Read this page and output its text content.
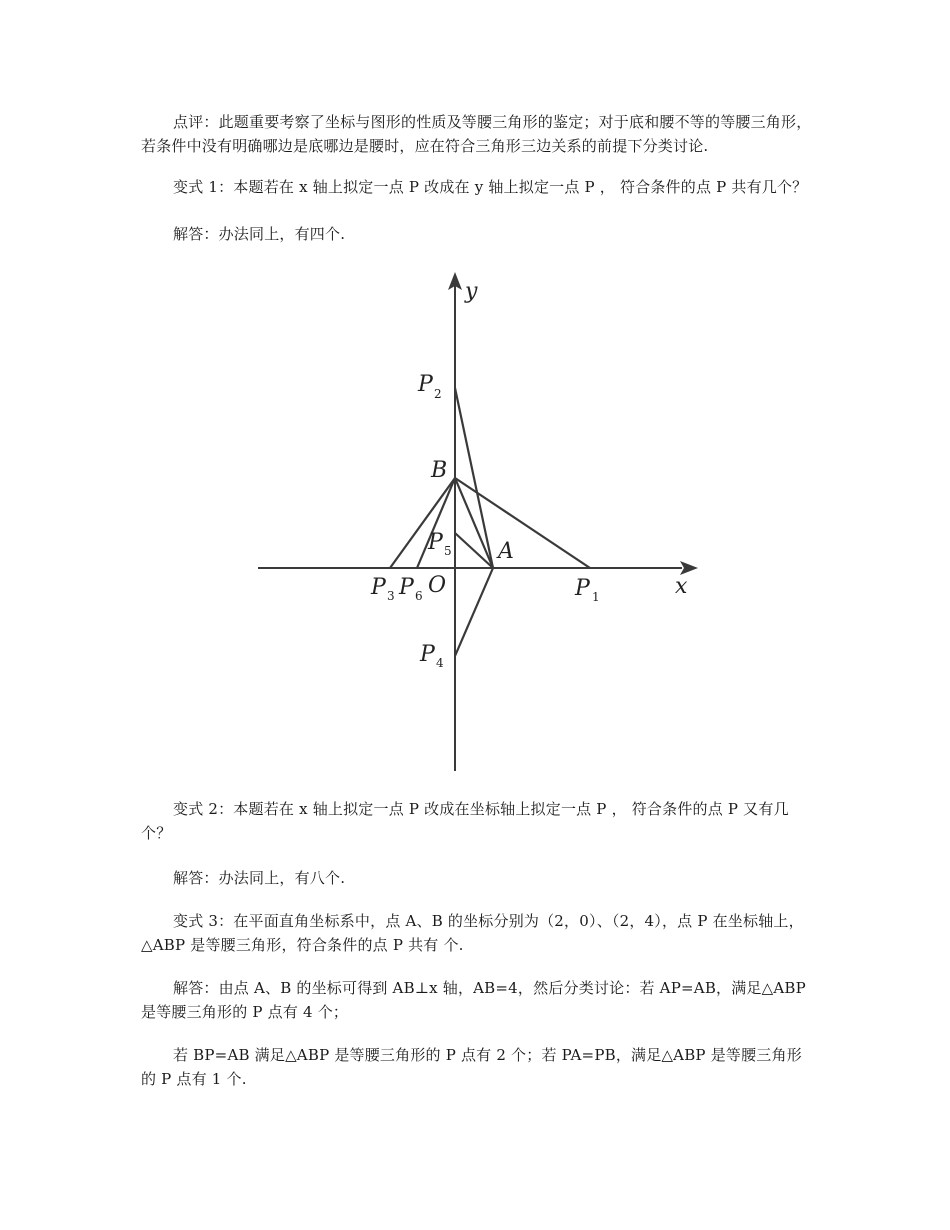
点评：此题重要考察了坐标与图形的性质及等腰三角形的鉴定；对于底和腰不等的等腰三角形，若条件中没有明确哪边是底哪边是腰时，应在符合三角形三边关系的前提下分类讨论.

变式 1：本题若在 x 轴上拟定一点 P 改成在 y 轴上拟定一点 P ， 符合条件的点 P 共有几个？

解答：办法同上，有四个.

y
x
P 2
B
P 5 A
P 3 P 6 O	P 1
P 4

变式 2：本题若在 x 轴上拟定一点 P 改成在坐标轴上拟定一点 P ， 符合条件的点 P 又有几个？

解答：办法同上，有八个.

变式 3：在平面直角坐标系中，点 A、B 的坐标分别为（2，0）、（2，4），点 P 在坐标轴上，△ABP 是等腰三角形，符合条件的点 P 共有 个.

解答：由点 A、B 的坐标可得到 AB⊥x 轴，AB=4，然后分类讨论：若 AP=AB，满足△ABP 是等腰三角形的 P 点有 4 个；

若 BP=AB 满足△ABP 是等腰三角形的 P 点有 2 个；若 PA=PB，满足△ABP 是等腰三角形的 P 点有 1 个.
